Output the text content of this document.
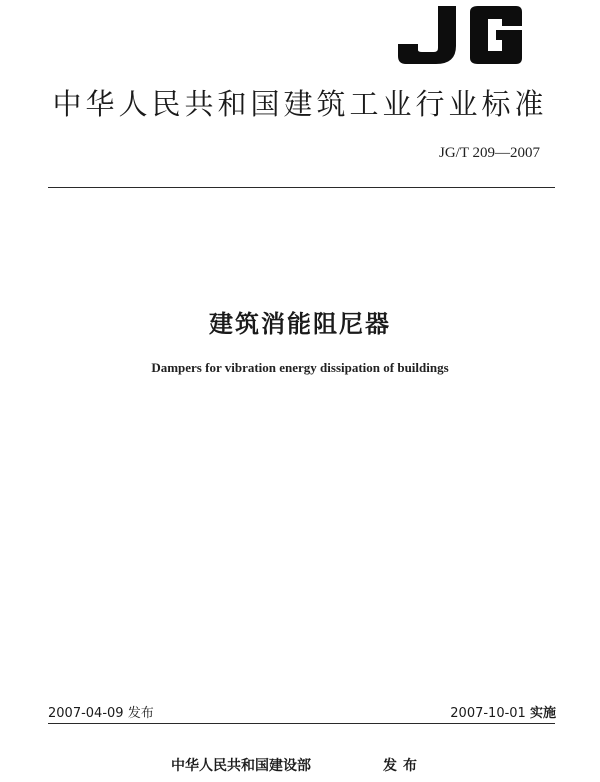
中华人民共和国建筑工业行业标准
JG/T 209—2007
建筑消能阻尼器
Dampers for vibration energy dissipation of buildings
2007-04-09 发布	2007-10-01 实施
中华人民共和国建设部	发布
